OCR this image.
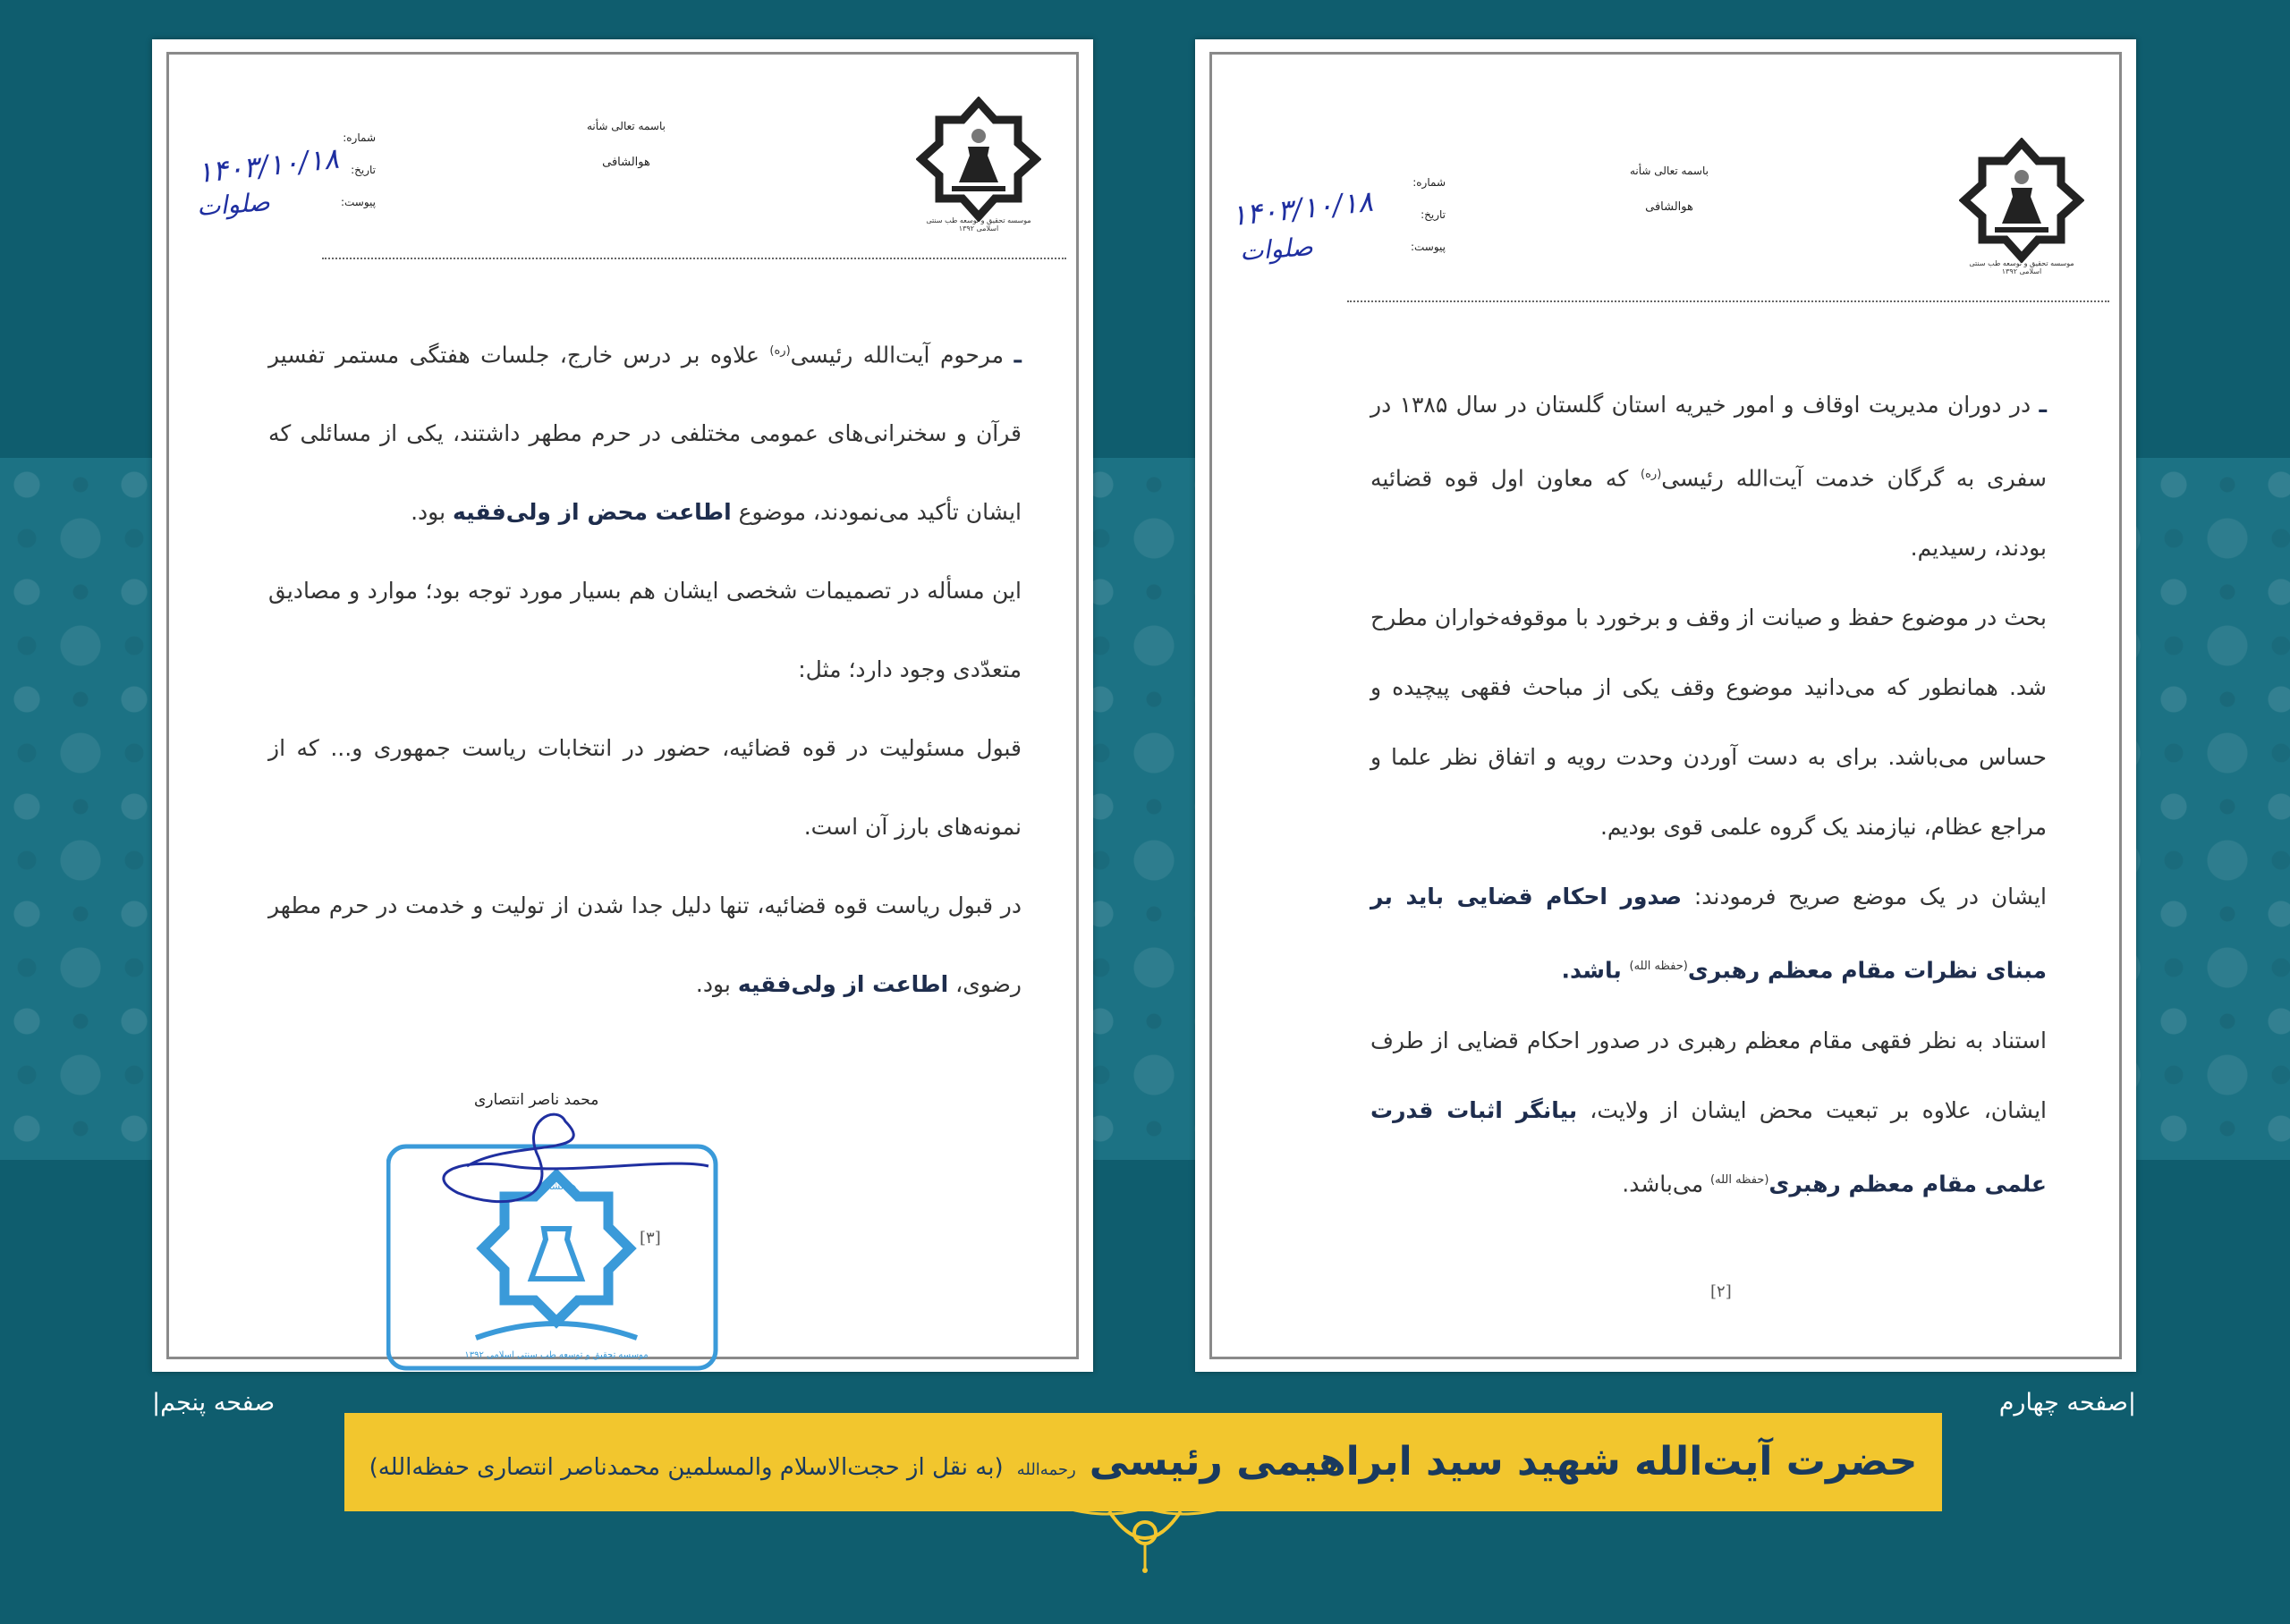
موسسه تحقیق و توسعه طب سنتی اسلامی ۱۳۹۲
باسمه تعالی شأنه
هوالشافی
شماره:
تاریخ:
پیوست:
۱۴۰۳/۱۰/۱۸
صلوات

ـ مرحوم آیت‌الله رئیسی$^{(ره)}$ علاوه بر درس خارج، جلسات هفتگی مستمر تفسیر قرآن و سخنرانی‌های عمومی مختلفی در حرم مطهر داشتند، یکی از مسائلی که ایشان تأکید می‌نمودند، موضوع اطاعت محض از ولی‌فقیه بود.

این مسأله در تصمیمات شخصی ایشان هم بسیار مورد توجه بود؛ موارد و مصادیق متعدّدی وجود دارد؛ مثل:

قبول مسئولیت در قوه قضائیه، حضور در انتخابات ریاست جمهوری و... که از نمونه‌های بارز آن است.

در قبول ریاست قوه قضائیه، تنها دلیل جدا شدن از تولیت و خدمت در حرم مطهر رضوی، اطاعت از ولی‌فقیه بود.

محمد ناصر انتصاری
هوالشافی
موسسه تحقیق و توسعه طب سنتی اسلامی ۱۳۹۲
[۳]
موسسه تحقیق و توسعه طب سنتی اسلامی ۱۳۹۲
باسمه تعالی شأنه
هوالشافی
شماره:
تاریخ:
پیوست:
۱۴۰۳/۱۰/۱۸
صلوات

ـ در دوران مدیریت اوقاف و امور خیریه استان گلستان در سال ۱۳۸۵ در سفری به گرگان خدمت آیت‌الله رئیسی$^{(ره)}$ که معاون اول قوه قضائیه بودند، رسیدیم.

بحث در موضوع حفظ و صیانت از وقف و برخورد با موقوفه‌خواران مطرح شد. همانطور که می‌دانید موضوع وقف یکی از مباحث فقهی پیچیده و حساس می‌باشد. برای به دست آوردن وحدت رویه و اتفاق نظر علما و مراجع عظام، نیازمند یک گروه علمی قوی بودیم.

ایشان در یک موضع صریح فرمودند: صدور احکام قضایی باید بر مبنای نظرات مقام معظم رهبری$^{(حفظه الله)}$ باشد.

استناد به نظر فقهی مقام معظم رهبری در صدور احکام قضایی از طرف ایشان، علاوه بر تبعیت محض ایشان از ولایت، بیانگر اثبات قدرت علمی مقام معظم رهبری$^{(حفظه الله)}$ می‌باشد.

[۲]
صفحه پنجم|	|صفحه چهارم
حضرت آیت‌الله شهید سید ابراهیمی رئیسی رحمه‌الله (به نقل از حجت‌الاسلام والمسلمین محمدناصر انتصاری حفظه‌الله)
